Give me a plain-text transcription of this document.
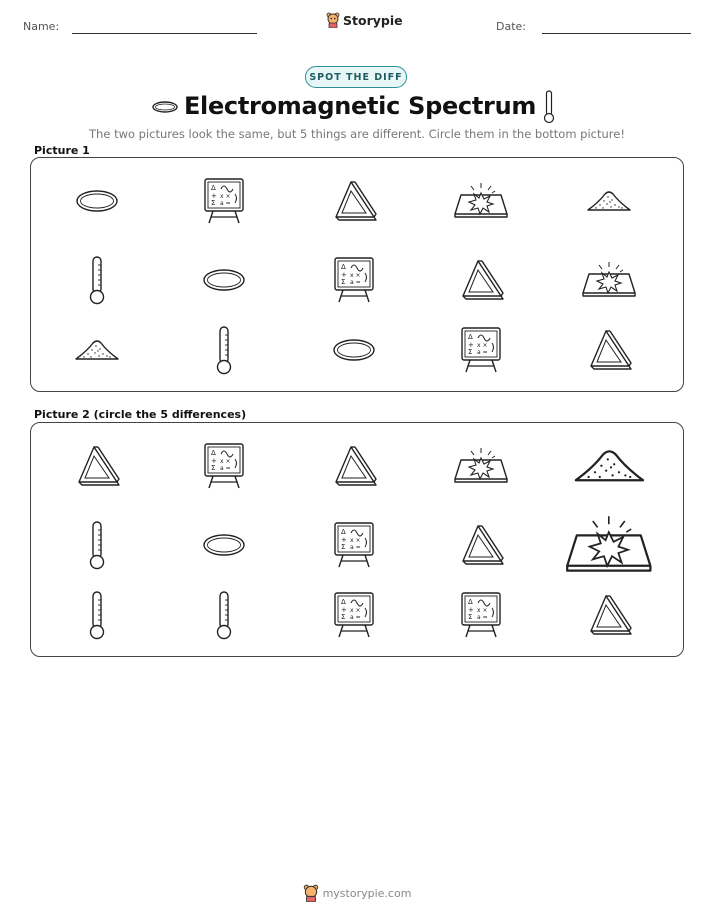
Name:	Storypie	Date:
SPOT THE DIFF
Electromagnetic Spectrum
The two pictures look the same, but 5 things are different. Circle them in the bottom picture!
Picture 1
Δ
+ x ×
Σ a =
Δ
+ x ×
Σ a =
Δ
+ x ×
Σ a =
Picture 2 (circle the 5 differences)
Δ
+ x ×
Σ a =
Δ
+ x ×
Σ a =
Δ
+ x ×
Σ a =
Δ
+ x ×
Σ a =
mystorypie.com
